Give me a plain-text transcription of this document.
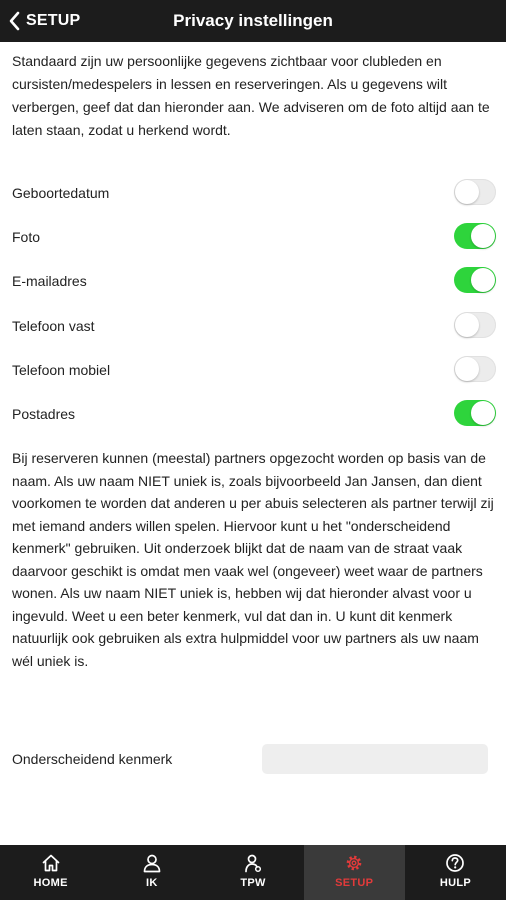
SETUP	Privacy instellingen

Standaard zijn uw persoonlijke gegevens zichtbaar voor clubleden en cursisten/medespelers in lessen en reserveringen. Als u gegevens wilt verbergen, geef dat dan hieronder aan. We adviseren om de foto altijd aan te laten staan, zodat u herkend wordt.

Geboortedatum
Foto
E-mailadres
Telefoon vast
Telefoon mobiel
Postadres

Bij reserveren kunnen (meestal) partners opgezocht worden op basis van de naam. Als uw naam NIET uniek is, zoals bijvoorbeeld Jan Jansen, dan dient voorkomen te worden dat anderen u per abuis selecteren als partner terwijl zij met iemand anders willen spelen. Hiervoor kunt u het "onderscheidend kenmerk" gebruiken. Uit onderzoek blijkt dat de naam van de straat vaak daarvoor geschikt is omdat men vaak wel (ongeveer) weet waar de partners wonen. Als uw naam NIET uniek is, hebben wij dat hieronder alvast voor u ingevuld. Weet u een beter kenmerk, vul dat dan in. U kunt dit kenmerk natuurlijk ook gebruiken als extra hulpmiddel voor uw partners als uw naam wél uniek is.

Onderscheidend kenmerk
HOME	IK	TPW	SETUP	HULP
